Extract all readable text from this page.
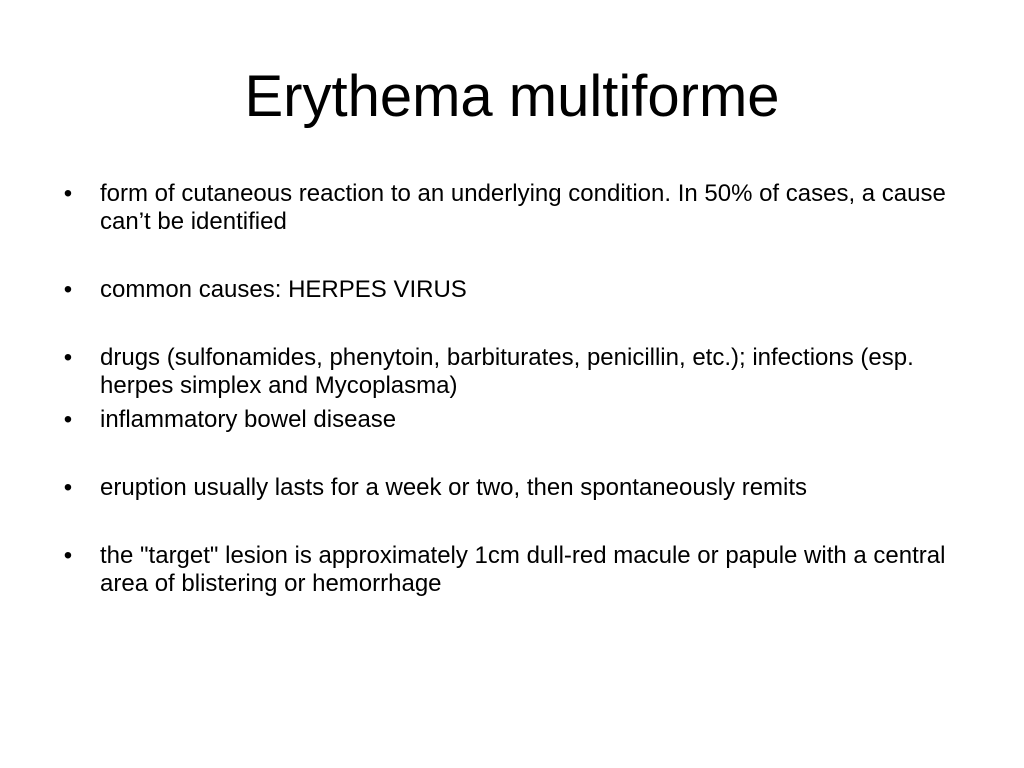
Erythema multiforme
• form of cutaneous reaction to an underlying condition. In 50% of cases, a cause can’t be identified
• common causes: HERPES VIRUS
• drugs (sulfonamides, phenytoin, barbiturates, penicillin, etc.); infections (esp. herpes simplex and Mycoplasma)
• inflammatory bowel disease
• eruption usually lasts for a week or two, then spontaneously remits
• the "target" lesion is approximately 1cm dull-red macule or papule with a central area of blistering or hemorrhage
